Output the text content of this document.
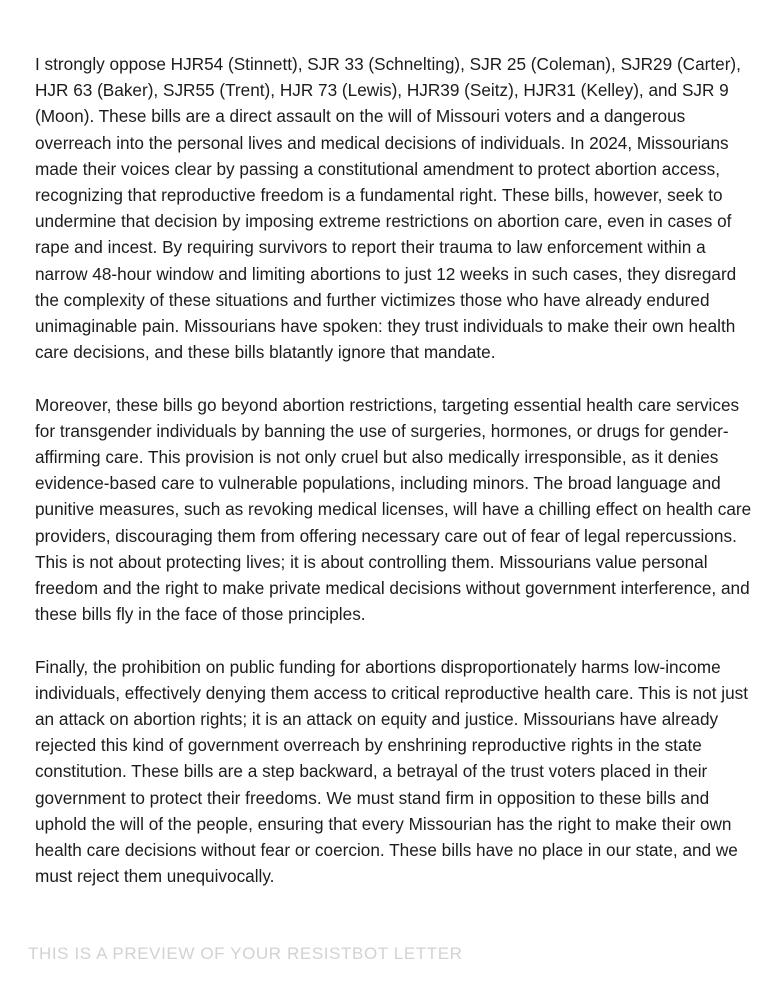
I strongly oppose HJR54 (Stinnett), SJR 33 (Schnelting), SJR 25 (Coleman), SJR29 (Carter), HJR 63 (Baker), SJR55 (Trent), HJR 73 (Lewis), HJR39 (Seitz), HJR31 (Kelley), and SJR 9 (Moon). These bills are a direct assault on the will of Missouri voters and a dangerous overreach into the personal lives and medical decisions of individuals. In 2024, Missourians made their voices clear by passing a constitutional amendment to protect abortion access, recognizing that reproductive freedom is a fundamental right. These bills, however, seek to undermine that decision by imposing extreme restrictions on abortion care, even in cases of rape and incest. By requiring survivors to report their trauma to law enforcement within a narrow 48-hour window and limiting abortions to just 12 weeks in such cases, they disregard the complexity of these situations and further victimizes those who have already endured unimaginable pain. Missourians have spoken: they trust individuals to make their own health care decisions, and these bills blatantly ignore that mandate.

Moreover, these bills go beyond abortion restrictions, targeting essential health care services for transgender individuals by banning the use of surgeries, hormones, or drugs for gender-affirming care. This provision is not only cruel but also medically irresponsible, as it denies evidence-based care to vulnerable populations, including minors. The broad language and punitive measures, such as revoking medical licenses, will have a chilling effect on health care providers, discouraging them from offering necessary care out of fear of legal repercussions. This is not about protecting lives; it is about controlling them. Missourians value personal freedom and the right to make private medical decisions without government interference, and these bills fly in the face of those principles.

Finally, the prohibition on public funding for abortions disproportionately harms low-income individuals, effectively denying them access to critical reproductive health care. This is not just an attack on abortion rights; it is an attack on equity and justice. Missourians have already rejected this kind of government overreach by enshrining reproductive rights in the state constitution. These bills are a step backward, a betrayal of the trust voters placed in their government to protect their freedoms. We must stand firm in opposition to these bills and uphold the will of the people, ensuring that every Missourian has the right to make their own health care decisions without fear or coercion. These bills have no place in our state, and we must reject them unequivocally.

THIS IS A PREVIEW OF YOUR RESISTBOT LETTER
